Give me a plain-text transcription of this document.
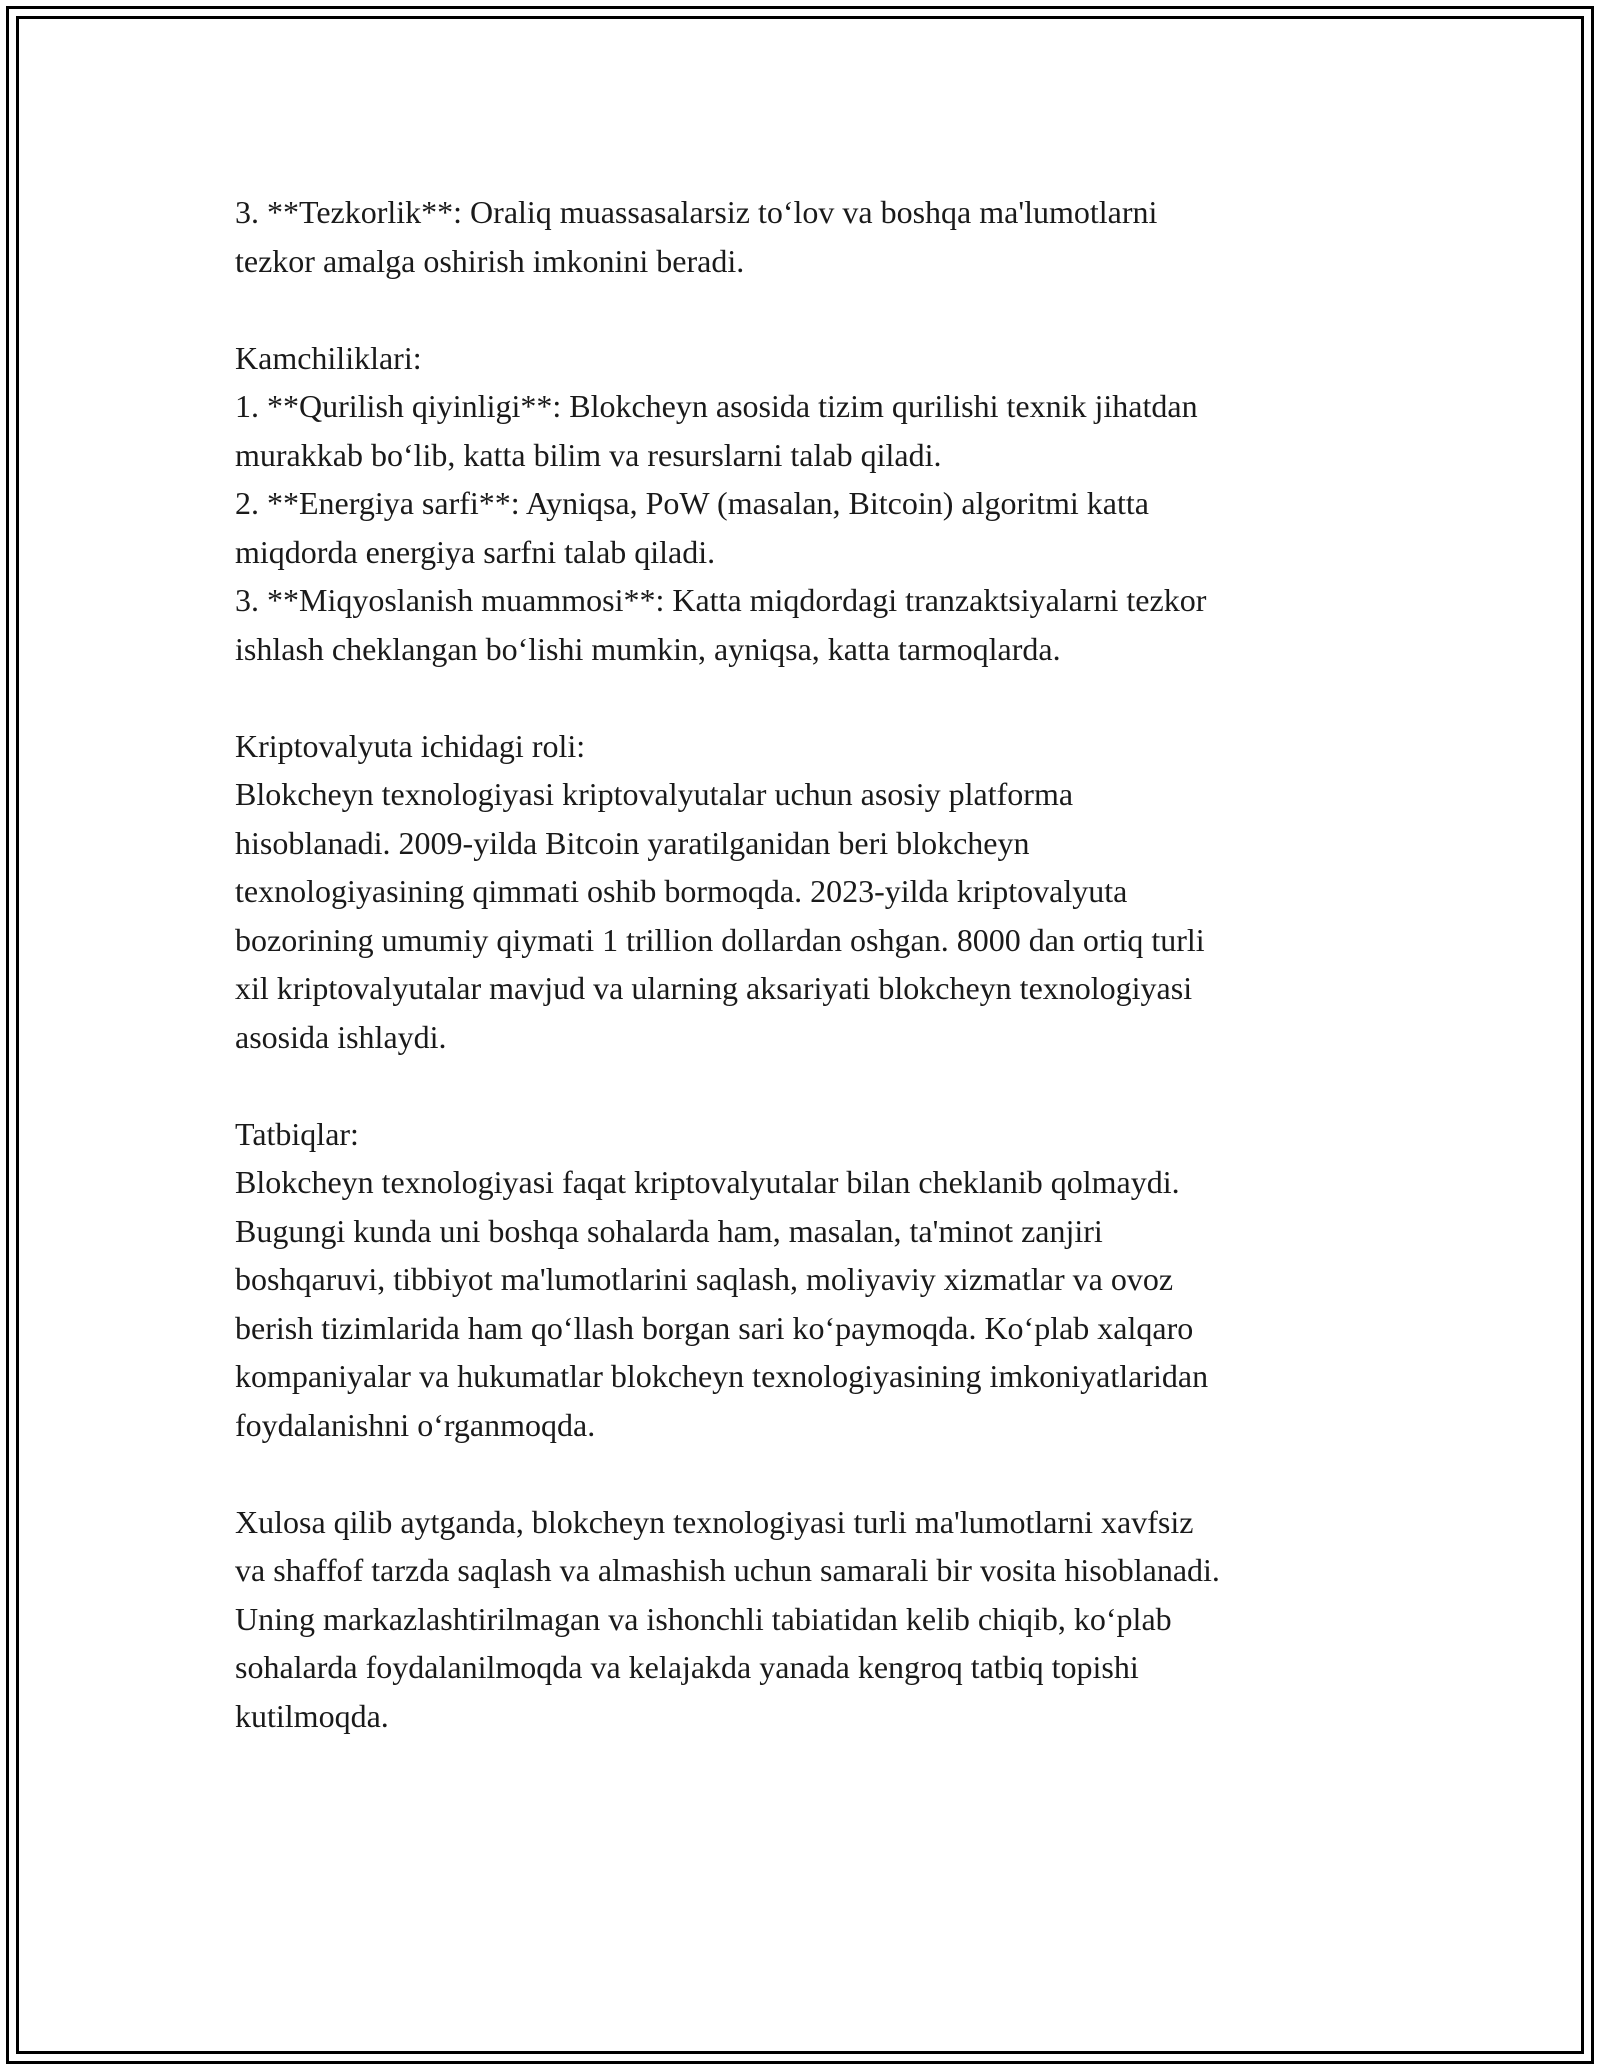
3. **Tezkorlik**: Oraliq muassasalarsiz to‘lov va boshqa ma'lumotlarni
tezkor amalga oshirish imkonini beradi.
Kamchiliklari:
1. **Qurilish qiyinligi**: Blokcheyn asosida tizim qurilishi texnik jihatdan
murakkab bo‘lib, katta bilim va resurslarni talab qiladi.
2. **Energiya sarfi**: Ayniqsa, PoW (masalan, Bitcoin) algoritmi katta
miqdorda energiya sarfni talab qiladi.
3. **Miqyoslanish muammosi**: Katta miqdordagi tranzaktsiyalarni tezkor
ishlash cheklangan bo‘lishi mumkin, ayniqsa, katta tarmoqlarda.
Kriptovalyuta ichidagi roli:
Blokcheyn texnologiyasi kriptovalyutalar uchun asosiy platforma
hisoblanadi. 2009-yilda Bitcoin yaratilganidan beri blokcheyn
texnologiyasining qimmati oshib bormoqda. 2023-yilda kriptovalyuta
bozorining umumiy qiymati 1 trillion dollardan oshgan. 8000 dan ortiq turli
xil kriptovalyutalar mavjud va ularning aksariyati blokcheyn texnologiyasi
asosida ishlaydi.
Tatbiqlar:
Blokcheyn texnologiyasi faqat kriptovalyutalar bilan cheklanib qolmaydi.
Bugungi kunda uni boshqa sohalarda ham, masalan, ta'minot zanjiri
boshqaruvi, tibbiyot ma'lumotlarini saqlash, moliyaviy xizmatlar va ovoz
berish tizimlarida ham qo‘llash borgan sari ko‘paymoqda. Ko‘plab xalqaro
kompaniyalar va hukumatlar blokcheyn texnologiyasining imkoniyatlaridan
foydalanishni o‘rganmoqda.
Xulosa qilib aytganda, blokcheyn texnologiyasi turli ma'lumotlarni xavfsiz
va shaffof tarzda saqlash va almashish uchun samarali bir vosita hisoblanadi.
Uning markazlashtirilmagan va ishonchli tabiatidan kelib chiqib, ko‘plab
sohalarda foydalanilmoqda va kelajakda yanada kengroq tatbiq topishi
kutilmoqda.
